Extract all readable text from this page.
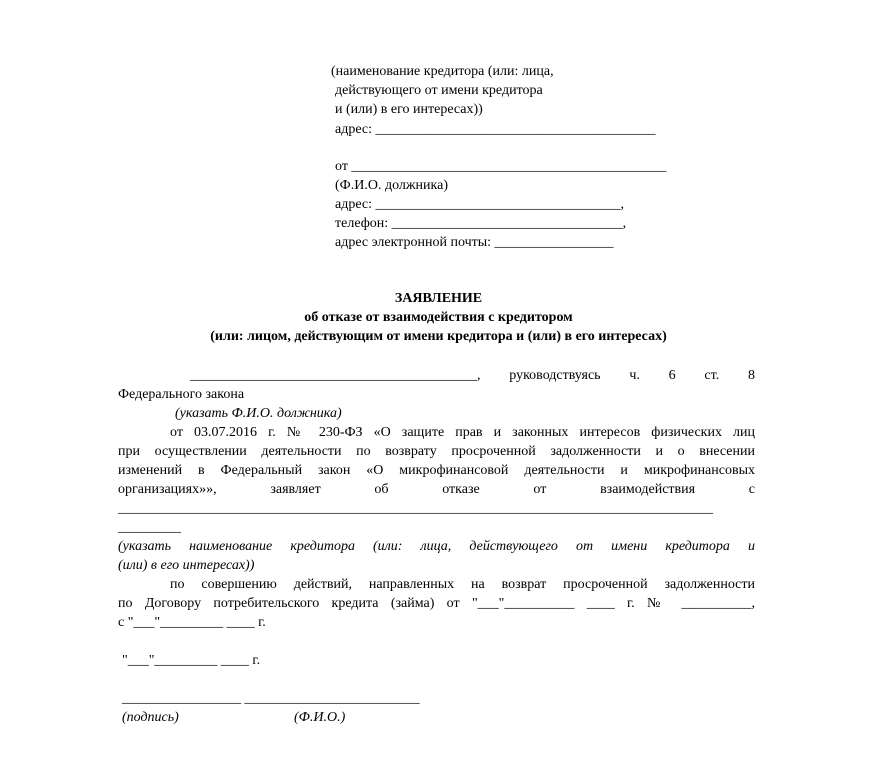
(наименование кредитора (или: лица,
действующего от имени кредитора
и (или) в его интересах))
адрес: ________________________________________
от _____________________________________________
(Ф.И.О. должника)
адрес: ___________________________________,
телефон: _________________________________,
адрес электронной почты: _________________
ЗАЯВЛЕНИЕ
об отказе от взаимодействия с кредитором
(или: лицом, действующим от имени кредитора и (или) в его интересах)
_________________________________________, руководствуясь ч. 6 ст. 8
Федерального закона
(указать Ф.И.О. должника)
от 03.07.2016 г. № 230-ФЗ «О защите прав и законных интересов физических лиц
при осуществлении деятельности по возврату просроченной задолженности и о внесении
изменений в Федеральный закон «О микрофинансовой деятельности и микрофинансовых
организациях»», заявляет об отказе от взаимодействия с
_____________________________________________________________________________________
_________
(указать наименование кредитора (или: лица, действующего от имени кредитора и
(или) в его интересах))
по совершению действий, направленных на возврат просроченной задолженности
по Договору потребительского кредита (займа) от "___"__________ ____ г. № __________,
с "___"_________ ____ г.
"___"_________ ____ г.
_________________ _________________________
(подпись)	(Ф.И.О.)
